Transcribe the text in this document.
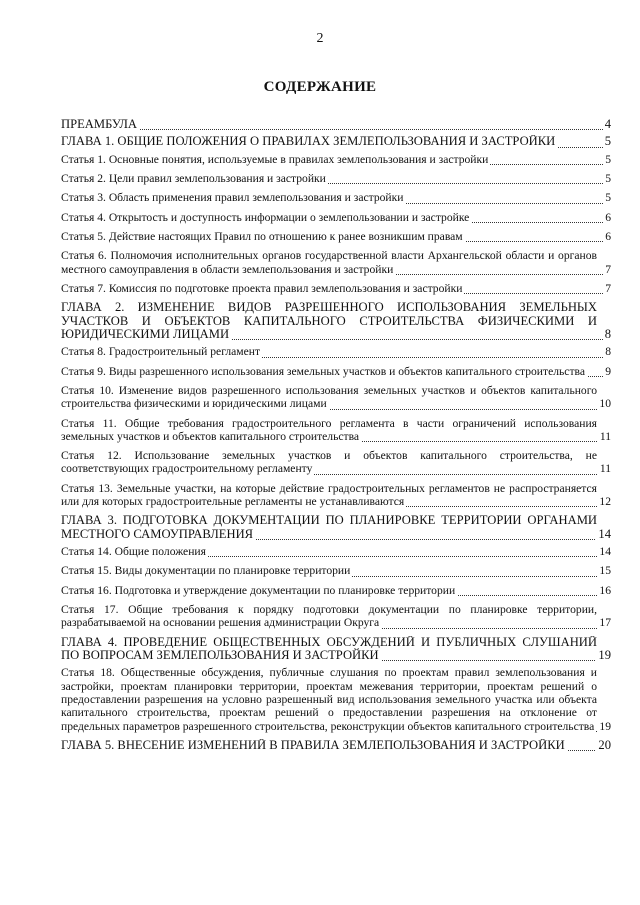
2
СОДЕРЖАНИЕ
ПРЕАМБУЛА	4
ГЛАВА 1. ОБЩИЕ ПОЛОЖЕНИЯ О ПРАВИЛАХ ЗЕМЛЕПОЛЬЗОВАНИЯ И ЗАСТРОЙКИ	5
Статья 1. Основные понятия, используемые в правилах землепользования и застройки	5
Статья 2. Цели правил землепользования и застройки	5
Статья 3. Область применения правил землепользования и застройки	5
Статья 4. Открытость и доступность информации о землепользовании и застройке	6
Статья 5. Действие настоящих Правил по отношению к ранее возникшим правам	6
Статья 6. Полномочия исполнительных органов государственной власти Архангельской области и органов местного самоуправления в области землепользования и застройки	7
Статья 7. Комиссия по подготовке проекта правил землепользования и застройки	7
ГЛАВА 2. ИЗМЕНЕНИЕ ВИДОВ РАЗРЕШЕННОГО ИСПОЛЬЗОВАНИЯ ЗЕМЕЛЬНЫХ УЧАСТКОВ И ОБЪЕКТОВ КАПИТАЛЬНОГО СТРОИТЕЛЬСТВА ФИЗИЧЕСКИМИ И ЮРИДИЧЕСКИМИ ЛИЦАМИ	8
Статья 8. Градостроительный регламент	8
Статья 9. Виды разрешенного использования земельных участков и объектов капитального строительства	9
Статья 10. Изменение видов разрешенного использования земельных участков и объектов капитального строительства физическими и юридическими лицами	10
Статья 11. Общие требования градостроительного регламента в части ограничений использования земельных участков и объектов капитального строительства	11
Статья 12. Использование земельных участков и объектов капитального строительства, не соответствующих градостроительному регламенту	11
Статья 13. Земельные участки, на которые действие градостроительных регламентов не распространяется или для которых градостроительные регламенты не устанавливаются	12
ГЛАВА 3. ПОДГОТОВКА ДОКУМЕНТАЦИИ ПО ПЛАНИРОВКЕ ТЕРРИТОРИИ ОРГАНАМИ МЕСТНОГО САМОУПРАВЛЕНИЯ	14
Статья 14. Общие положения	14
Статья 15. Виды документации по планировке территории	15
Статья 16. Подготовка и утверждение документации по планировке территории	16
Статья 17. Общие требования к порядку подготовки документации по планировке территории, разрабатываемой на основании решения администрации Округа	17
ГЛАВА 4. ПРОВЕДЕНИЕ ОБЩЕСТВЕННЫХ ОБСУЖДЕНИЙ И ПУБЛИЧНЫХ СЛУШАНИЙ ПО ВОПРОСАМ ЗЕМЛЕПОЛЬЗОВАНИЯ И ЗАСТРОЙКИ	19
Статья 18. Общественные обсуждения, публичные слушания по проектам правил землепользования и застройки, проектам планировки территории, проектам межевания территории, проектам решений о предоставлении разрешения на условно разрешенный вид использования земельного участка или объекта капитального строительства, проектам решений о предоставлении разрешения на отклонение от предельных параметров разрешенного строительства, реконструкции объектов капитального строительства 19
ГЛАВА 5. ВНЕСЕНИЕ ИЗМЕНЕНИЙ В ПРАВИЛА ЗЕМЛЕПОЛЬЗОВАНИЯ И ЗАСТРОЙКИ	20
